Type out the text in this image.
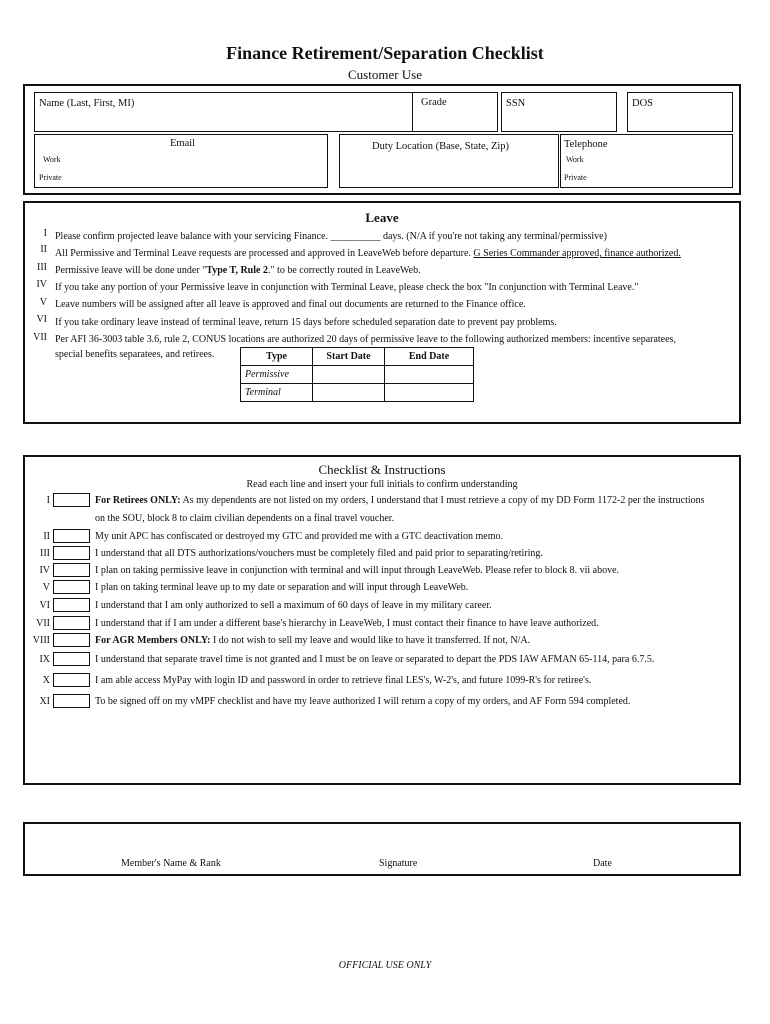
Finance Retirement/Separation Checklist
Customer Use
Name (Last, First, MI)	Grade	SSN	DOS
Email
Work
Private
Duty Location (Base, State, Zip)	Telephone
Work
Private
Leave
I Please confirm projected leave balance with your servicing Finance. __________ days. (N/A if you're not taking any terminal/permissive)
II All Permissive and Terminal Leave requests are processed and approved in LeaveWeb before departure. G Series Commander approved, finance authorized.
III Permissive leave will be done under "Type T, Rule 2." to be correctly routed in LeaveWeb.
IV If you take any portion of your Permissive leave in conjunction with Terminal Leave, please check the box "In conjunction with Terminal Leave."
V Leave numbers will be assigned after all leave is approved and final out documents are returned to the Finance office.
VI If you take ordinary leave instead of terminal leave, return 15 days before scheduled separation date to prevent pay problems.
VII Per AFI 36-3003 table 3.6, rule 2, CONUS locations are authorized 20 days of permissive leave to the following authorized members: incentive separatees,
special benefits separatees, and retirees.	Type	Start Date	End Date
Permissive		
Terminal		
Checklist & Instructions
Read each line and insert your full initials to confirm understanding
I	For Retirees ONLY: As my dependents are not listed on my orders, I understand that I must retrieve a copy of my DD Form 1172-2 per the instructions
on the SOU, block 8 to claim civilian dependents on a final travel voucher.
II	My unit APC has confiscated or destroyed my GTC and provided me with a GTC deactivation memo.
III	I understand that all DTS authorizations/vouchers must be completely filed and paid prior to separating/retiring.
IV	I plan on taking permissive leave in conjunction with terminal and will input through LeaveWeb. Please refer to block 8. vii above.
V	I plan on taking terminal leave up to my date or separation and will input through LeaveWeb.
VI	I understand that I am only authorized to sell a maximum of 60 days of leave in my military career.
VII	I understand that if I am under a different base's hierarchy in LeaveWeb, I must contact their finance to have leave authorized.
VIII	For AGR Members ONLY: I do not wish to sell my leave and would like to have it transferred. If not, N/A.
IX	I understand that separate travel time is not granted and I must be on leave or separated to depart the PDS IAW AFMAN 65-114, para 6.7.5.
X	I am able access MyPay with login ID and password in order to retrieve final LES's, W-2's, and future 1099-R's for retiree's.
XI	To be signed off on my vMPF checklist and have my leave authorized I will return a copy of my orders, and AF Form 594 completed.
Member's Name & Rank	Signature	Date
OFFICIAL USE ONLY
